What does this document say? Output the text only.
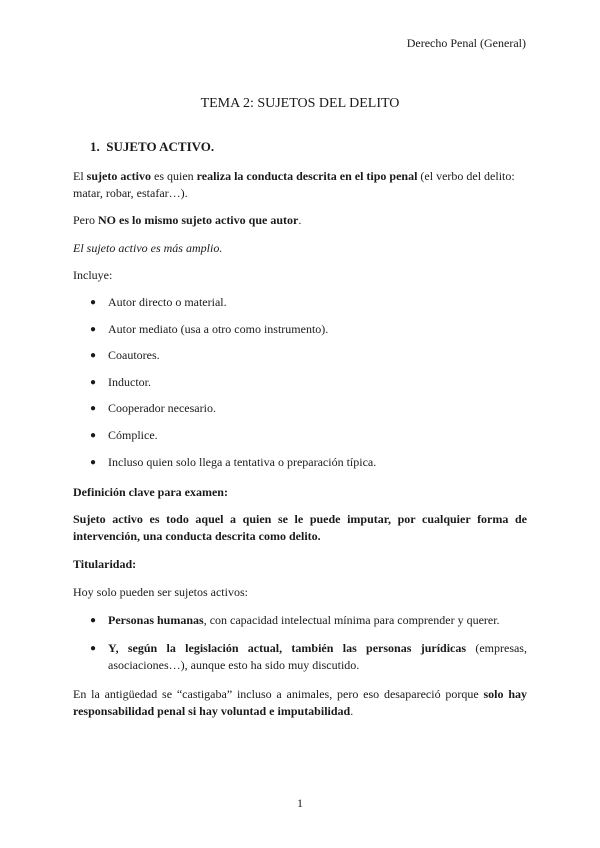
Derecho Penal (General)
TEMA 2: SUJETOS DEL DELITO
1. SUJETO ACTIVO.

El sujeto activo es quien realiza la conducta descrita en el tipo penal (el verbo del delito: matar, robar, estafar…).

Pero NO es lo mismo sujeto activo que autor.

El sujeto activo es más amplio.

Incluye:

● Autor directo o material.
● Autor mediato (usa a otro como instrumento).
● Coautores.
● Inductor.
● Cooperador necesario.
● Cómplice.
● Incluso quien solo llega a tentativa o preparación típica.

Definición clave para examen:

Sujeto activo es todo aquel a quien se le puede imputar, por cualquier forma de intervención, una conducta descrita como delito.

Titularidad:

Hoy solo pueden ser sujetos activos:

● Personas humanas, con capacidad intelectual mínima para comprender y querer.
● Y, según la legislación actual, también las personas jurídicas (empresas, asociaciones…), aunque esto ha sido muy discutido.

En la antigüedad se “castigaba” incluso a animales, pero eso desapareció porque solo hay responsabilidad penal si hay voluntad e imputabilidad.

1
